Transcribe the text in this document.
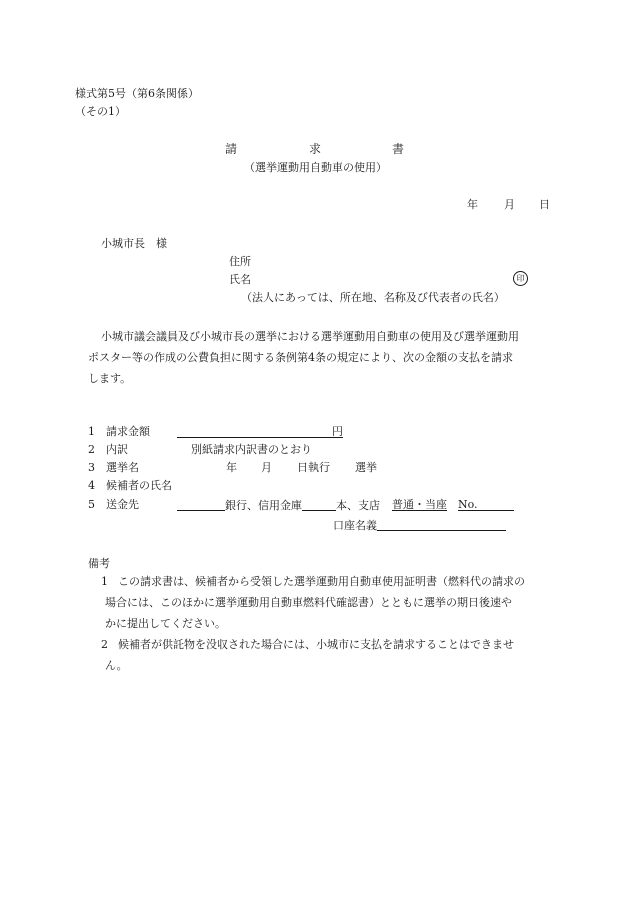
様式第5号（第6条関係）
（その1）
請	求	書
（選挙運動用自動車の使用）
年 月 日
小城市長　様
住所
氏名	印
（法人にあっては、所在地、名称及び代表者の氏名）
小城市議会議員及び小城市長の選挙における選挙運動用自動車の使用及び選挙運動用
ポスター等の作成の公費負担に関する条例第4条の規定により、次の金額の支払を請求
します。
1 請求金額	円
2 内訳	別紙請求内訳書のとおり
3 選挙名	年 月 日執行 選挙
4 候補者の氏名
5 送金先	銀行、信用金庫	本、支店 普通・当座 No.
口座名義
備考
1 この請求書は、候補者から受領した選挙運動用自動車使用証明書（燃料代の請求の
場合には、このほかに選挙運動用自動車燃料代確認書）とともに選挙の期日後速や
かに提出してください。
2 候補者が供託物を没収された場合には、小城市に支払を請求することはできませ
ん。
